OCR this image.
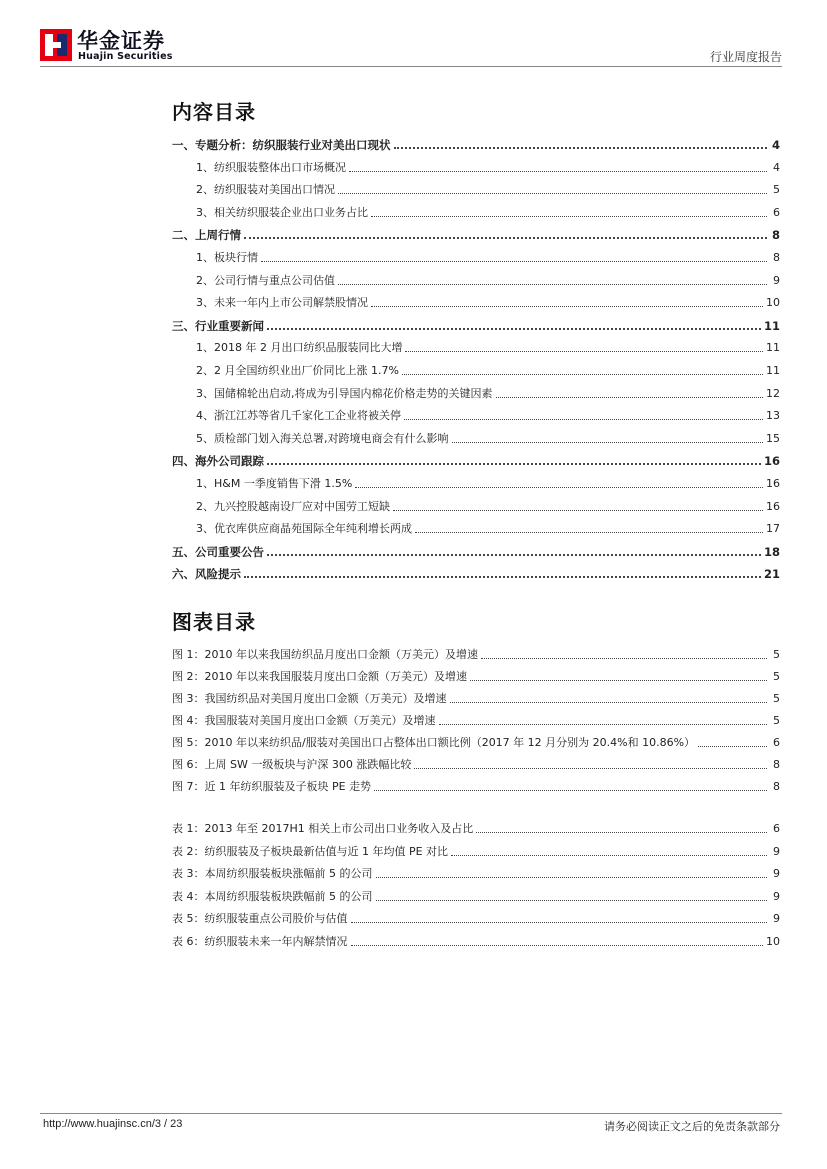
华金证券
Huajin Securities	行业周度报告
内容目录
一、专题分析：纺织服装行业对美出口现状	4
1、纺织服装整体出口市场概况	4
2、纺织服装对美国出口情况	5
3、相关纺织服装企业出口业务占比	6
二、上周行情	8
1、板块行情	8
2、公司行情与重点公司估值	9
3、未来一年内上市公司解禁股情况	10
三、行业重要新闻	11
1、2018 年 2 月出口纺织品服装同比大增	11
2、2 月全国纺织业出厂价同比上涨 1.7%	11
3、国储棉轮出启动,将成为引导国内棉花价格走势的关键因素	12
4、浙江江苏等省几千家化工企业将被关停	13
5、质检部门划入海关总署,对跨境电商会有什么影响	15
四、海外公司跟踪	16
1、H&M 一季度销售下滑 1.5%	16
2、九兴控股越南设厂应对中国劳工短缺	16
3、优衣库供应商晶苑国际全年纯利增长两成	17
五、公司重要公告	18
六、风险提示	21
图表目录
图 1：2010 年以来我国纺织品月度出口金额（万美元）及增速	5
图 2：2010 年以来我国服装月度出口金额（万美元）及增速	5
图 3：我国纺织品对美国月度出口金额（万美元）及增速	5
图 4：我国服装对美国月度出口金额（万美元）及增速	5
图 5：2010 年以来纺织品/服装对美国出口占整体出口额比例（2017 年 12 月分别为 20.4%和 10.86%）	6
图 6：上周 SW 一级板块与沪深 300 涨跌幅比较	8
图 7：近 1 年纺织服装及子板块 PE 走势	8
表 1：2013 年至 2017H1 相关上市公司出口业务收入及占比	6
表 2：纺织服装及子板块最新估值与近 1 年均值 PE 对比	9
表 3：本周纺织服装板块涨幅前 5 的公司	9
表 4：本周纺织服装板块跌幅前 5 的公司	9
表 5：纺织服装重点公司股价与估值	9
表 6：纺织服装未来一年内解禁情况	10
http://www.huajinsc.cn/3 / 23	请务必阅读正文之后的免责条款部分
